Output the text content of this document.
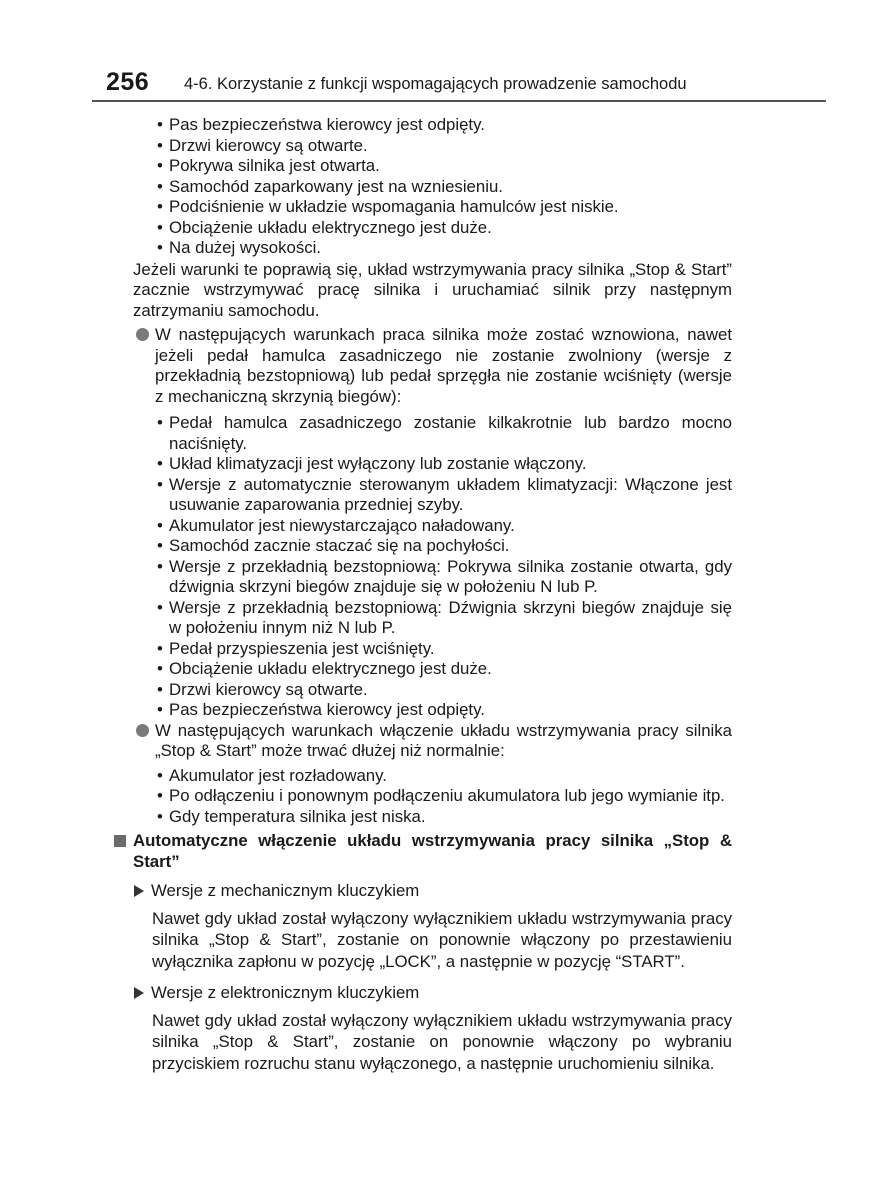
256 4-6. Korzystanie z funkcji wspomagających prowadzenie samochodu
• Pas bezpieczeństwa kierowcy jest odpięty.
• Drzwi kierowcy są otwarte.
• Pokrywa silnika jest otwarta.
• Samochód zaparkowany jest na wzniesieniu.
• Podciśnienie w układzie wspomagania hamulców jest niskie.
• Obciążenie układu elektrycznego jest duże.
• Na dużej wysokości.

Jeżeli warunki te poprawią się, układ wstrzymywania pracy silnika „Stop & Start” zacznie wstrzymywać pracę silnika i uruchamiać silnik przy następnym zatrzymaniu samochodu.

W następujących warunkach praca silnika może zostać wznowiona, nawet jeżeli pedał hamulca zasadniczego nie zostanie zwolniony (wersje z przekładnią bezstopniową) lub pedał sprzęgła nie zostanie wciśnięty (wersje z mechaniczną skrzynią biegów):
• Pedał hamulca zasadniczego zostanie kilkakrotnie lub bardzo mocno naciśnięty.
• Układ klimatyzacji jest wyłączony lub zostanie włączony.
• Wersje z automatycznie sterowanym układem klimatyzacji: Włączone jest usuwanie zaparowania przedniej szyby.
• Akumulator jest niewystarczająco naładowany.
• Samochód zacznie staczać się na pochyłości.
• Wersje z przekładnią bezstopniową: Pokrywa silnika zostanie otwarta, gdy dźwignia skrzyni biegów znajduje się w położeniu N lub P.
• Wersje z przekładnią bezstopniową: Dźwignia skrzyni biegów znajduje się w położeniu innym niż N lub P.
• Pedał przyspieszenia jest wciśnięty.
• Obciążenie układu elektrycznego jest duże.
• Drzwi kierowcy są otwarte.
• Pas bezpieczeństwa kierowcy jest odpięty.
W następujących warunkach włączenie układu wstrzymywania pracy silnika „Stop & Start” może trwać dłużej niż normalnie:
• Akumulator jest rozładowany.
• Po odłączeniu i ponownym podłączeniu akumulatora lub jego wymianie itp.
• Gdy temperatura silnika jest niska.
Automatyczne włączenie układu wstrzymywania pracy silnika „Stop & Start”
Wersje z mechanicznym kluczykiem

Nawet gdy układ został wyłączony wyłącznikiem układu wstrzymywania pracy silnika „Stop & Start”, zostanie on ponownie włączony po przestawieniu wyłącznika zapłonu w pozycję „LOCK”, a następnie w pozycję “START”.

Wersje z elektronicznym kluczykiem

Nawet gdy układ został wyłączony wyłącznikiem układu wstrzymywania pracy silnika „Stop & Start”, zostanie on ponownie włączony po wybraniu przyciskiem rozruchu stanu wyłączonego, a następnie uruchomieniu silnika.
